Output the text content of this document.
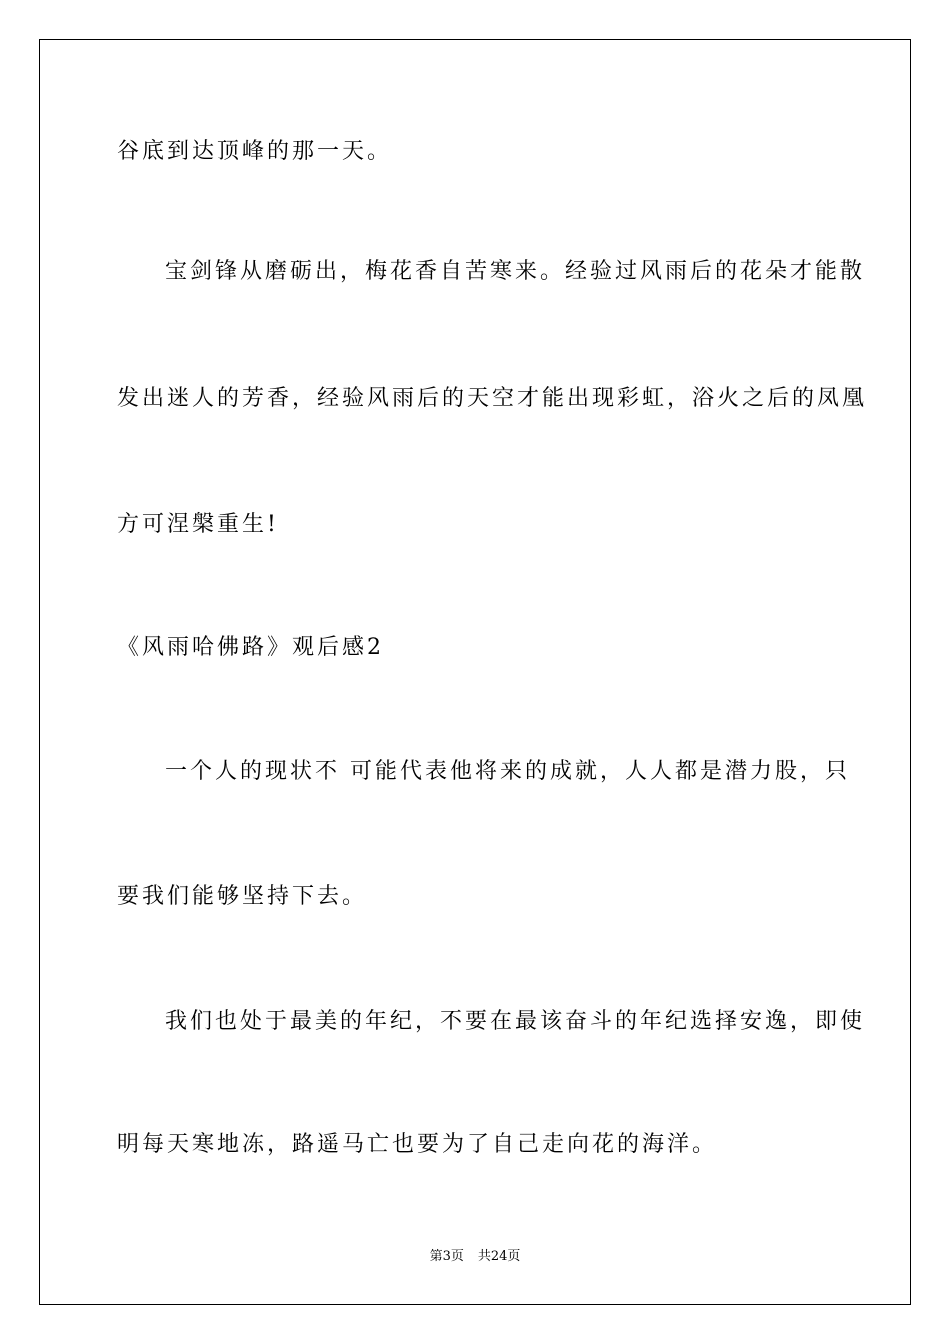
谷底到达顶峰的那一天。
宝剑锋从磨砺出，梅花香自苦寒来。经验过风雨后的花朵才能散
发出迷人的芳香，经验风雨后的天空才能出现彩虹，浴火之后的凤凰
方可涅槃重生!
《风雨哈佛路》观后感2
一个人的现状不 可能代表他将来的成就，人人都是潜力股，只
要我们能够坚持下去。
我们也处于最美的年纪，不要在最该奋斗的年纪选择安逸，即使
明每天寒地冻，路遥马亡也要为了自己走向花的海洋。
第3页 共24页
